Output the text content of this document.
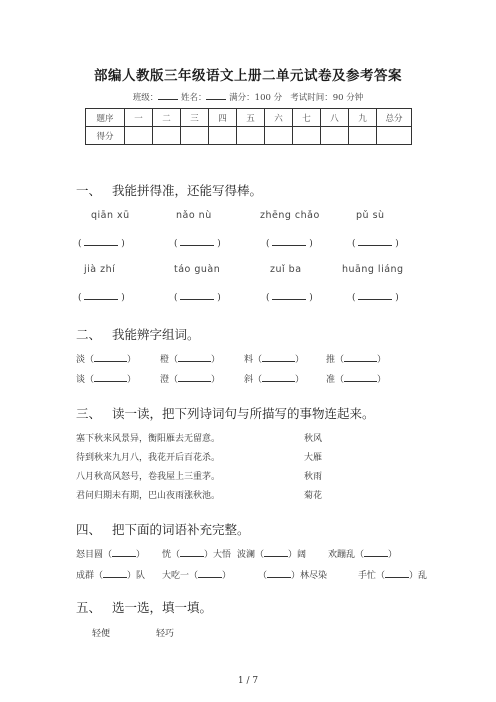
部编人教版三年级语文上册二单元试卷及参考答案
班级：	姓名：	满分：100 分 考试时间：90 分钟
题序	一	二	三	四	五	六	七	八	九	总分
得分										
一、 我能拼得准，还能写得棒。
qiān xū	nǎo nù	zhēng chǎo	pǔ sù
(	)	(	)	(	)	(	)
jià zhí	táo guàn	zuǐ ba	huāng liáng
(	)	(	)	(	)	(	)
二、 我能辨字组词。
淡（	）	橙（	）	料（	） 推（	）
谈（	）	澄（	）	斜（	） 准（	）
三、 读一读，把下列诗词句与所描写的事物连起来。
塞下秋来风景异，衡阳雁去无留意。
待到秋来九月八，我花开后百花杀。
八月秋高风怒号，卷我屋上三重茅。
君问归期未有期，巴山夜雨涨秋池。
秋风
大雁
秋雨
菊花
四、 把下面的词语补充完整。
怒目圆（	） 恍（	）大悟 波澜（	）阔 欢蹦乱（	）
成群（	）队 大吃一（	）	（	）林尽染	手忙（	）乱
五、 选一选，填一填。
轻便	轻巧
1 / 7
